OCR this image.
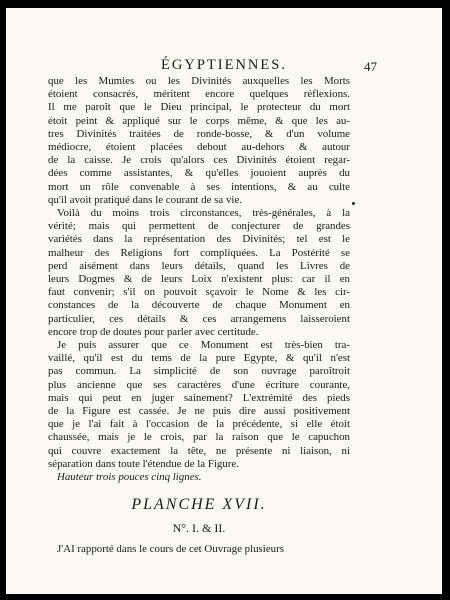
ÉGYPTIENNES.	47

que les Mumies ou les Divinités auxquelles les Morts
étoient consacrés, méritent encore quelques réflexions.
Il me paroît que le Dieu principal, le protecteur du mort
étoit peint & appliqué sur le corps même, & que les au-
tres Divinités traitées de ronde-bosse, & d'un volume
médiocre, étoient placées debout au-dehors & autour
de la caisse. Je crois qu'alors ces Divinités étoient regar-
dées comme assistantes, & qu'elles jouoient auprès du
mort un rôle convenable à ses intentions, & au culte
qu'il avoit pratiqué dans le courant de sa vie.

Voilà du moins trois circonstances, très-générales, à la
vérité; mais qui permettent de conjecturer de grandes
variétés dans la représentation des Divinités; tel est le
malheur des Religions fort compliquées. La Postérité se
perd aisément dans leurs détails, quand les Livres de
leurs Dogmes & de leurs Loix n'existent plus: car il en
faut convenir; s'il on pouvoit sçavoir le Nome & les cir-
constances de la découverte de chaque Monument en
particulier, ces détails & ces arrangemens laisseroient
encore trop de doutes pour parler avec certitude.

Je puis assurer que ce Monument est très-bien tra-
vaillé, qu'il est du tems de la pure Egypte, & qu'il n'est
pas commun. La simplicité de son ouvrage paroîtroit
plus ancienne que ses caractères d'une écriture courante,
mais qui peut en juger sainement? L'extrémité des pieds
de la Figure est cassée. Je ne puis dire aussi positivement
que je l'ai fait à l'occasion de la précédente, si elle étoit
chaussée, mais je le crois, par la raison que le capuchon
qui couvre exactement la tête, ne présente ni liaison, ni
séparation dans toute l'étendue de la Figure.

Hauteur trois pouces cinq lignes.

PLANCHE XVII.
N°. I. & II.

J'AI rapporté dans le cours de cet Ouvrage plusieurs
